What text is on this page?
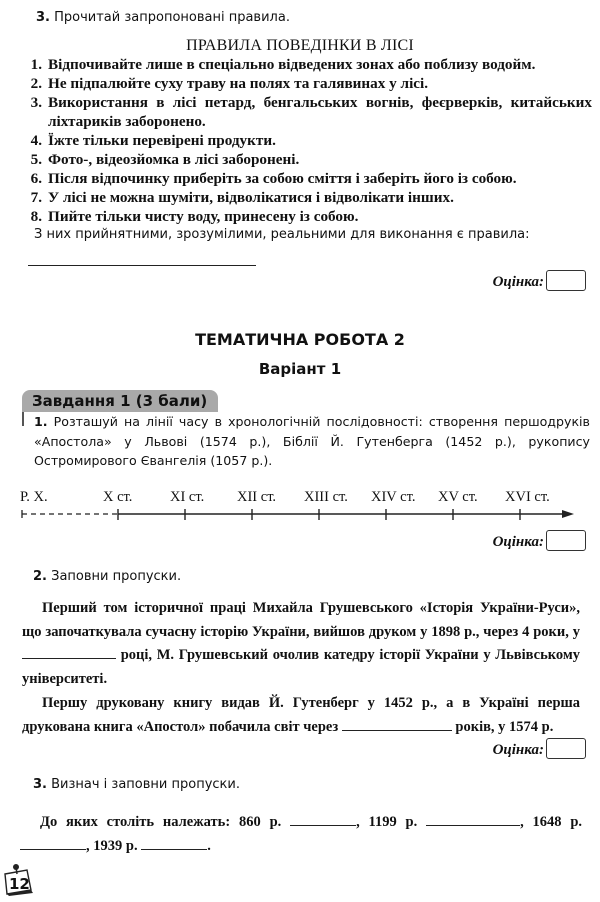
3. Прочитай запропоновані правила.
ПРАВИЛА ПОВЕДІНКИ В ЛІСІ
1. Відпочивайте лише в спеціально відведених зонах або поблизу водойм.
2. Не підпалюйте суху траву на полях та галявинах у лісі.
3. Використання в лісі петард, бенгальських вогнів, феєрверків, китайських ліхтариків заборонено.
4. Їжте тільки перевірені продукти.
5. Фото-, відеозйомка в лісі заборонені.
6. Після відпочинку приберіть за собою сміття і заберіть його із собою.
7. У лісі не можна шуміти, відволікатися і відволікати інших.
8. Пийте тільки чисту воду, принесену із собою.
З них прийнятними, зрозумілими, реальними для виконання є правила:
Оцінка:
ТЕМАТИЧНА РОБОТА 2
Варіант 1
Завдання 1 (3 бали)
1. Розташуй на лінії часу в хронологічній послідовності: створення першодруків «Апостола» у Львові (1574 р.), Біблії Й. Гутенберга (1452 р.), рукопису Остромирового Євангелія (1057 р.).
Р. Х.	X ст.	XI ст. XII ст. XIII ст. XIV ст. XV ст. XVI ст.
Оцінка:
2. Заповни пропуски.
Перший том історичної праці Михайла Грушевського «Історія України-Руси», що започаткувала сучасну історію України, вийшов друком у 1898 р., через 4 роки, у  році, М. Грушевський очолив катедру історії України у Львівському університеті.
Першу друковану книгу видав Й. Гутенберг у 1452 р., а в Україні перша друкована книга «Апостол» побачила світ через	років, у 1574 р.
Оцінка:
3. Визнач і заповни пропуски.
До яких століть належать: 860 р.	, 1199 р.	, 1648 р. , 1939 р.	.
12
